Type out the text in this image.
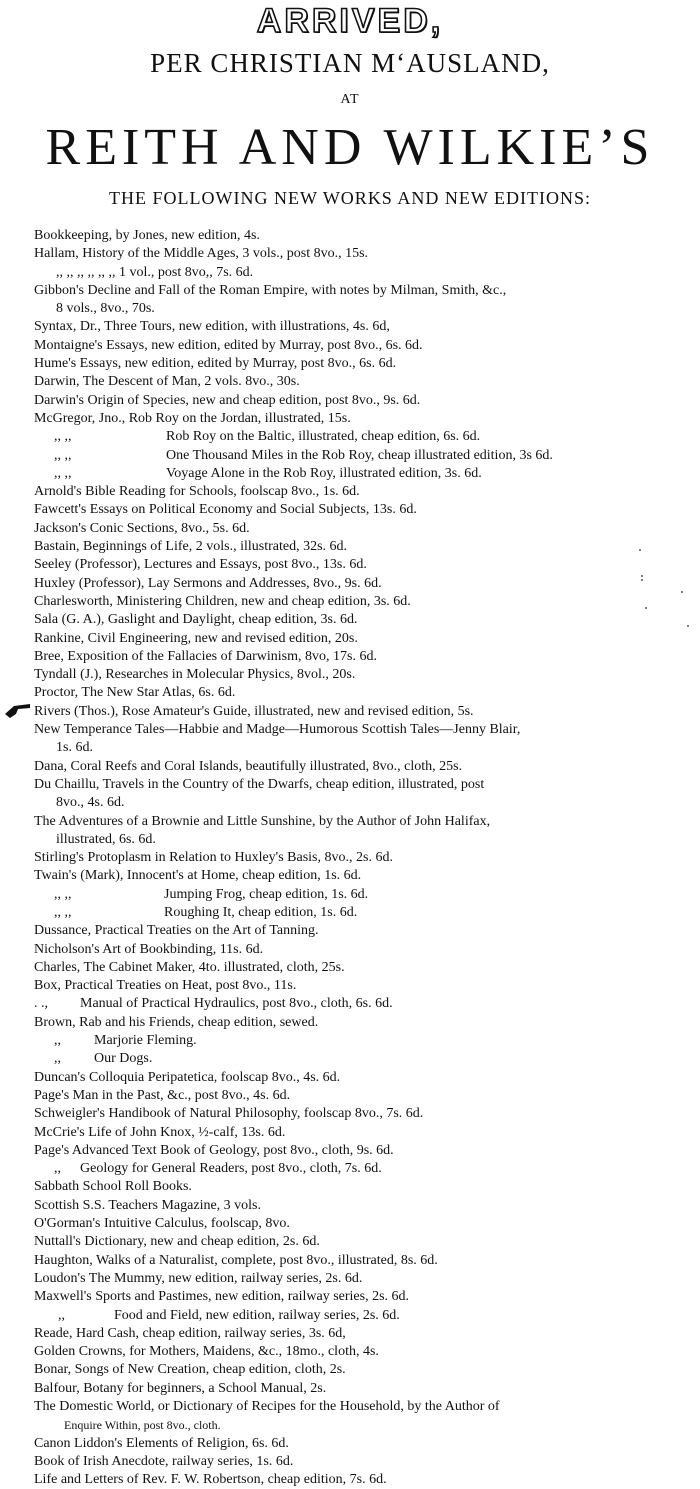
ARRIVED,
PER CHRISTIAN M‘AUSLAND,
AT
REITH AND WILKIE’S
THE FOLLOWING NEW WORKS AND NEW EDITIONS:
Bookkeeping, by Jones, new edition, 4s.
Hallam, History of the Middle Ages, 3 vols., post 8vo., 15s.
,, ,, ,, ,, ,, ,, 1 vol., post 8vo,, 7s. 6d.
Gibbon's Decline and Fall of the Roman Empire, with notes by Milman, Smith, &c.,
8 vols., 8vo., 70s.
Syntax, Dr., Three Tours, new edition, with illustrations, 4s. 6d,
Montaigne's Essays, new edition, edited by Murray, post 8vo., 6s. 6d.
Hume's Essays, new edition, edited by Murray, post 8vo., 6s. 6d.
Darwin, The Descent of Man, 2 vols. 8vo., 30s.
Darwin's Origin of Species, new and cheap edition, post 8vo., 9s. 6d.
McGregor, Jno., Rob Roy on the Jordan, illustrated, 15s.
,, ,,	Rob Roy on the Baltic, illustrated, cheap edition, 6s. 6d.
,, ,,	One Thousand Miles in the Rob Roy, cheap illustrated edition, 3s 6d.
,, ,,	Voyage Alone in the Rob Roy, illustrated edition, 3s. 6d.
Arnold's Bible Reading for Schools, foolscap 8vo., 1s. 6d.
Fawcett's Essays on Political Economy and Social Subjects, 13s. 6d.
Jackson's Conic Sections, 8vo., 5s. 6d.
Bastain, Beginnings of Life, 2 vols., illustrated, 32s. 6d.
Seeley (Professor), Lectures and Essays, post 8vo., 13s. 6d.
Huxley (Professor), Lay Sermons and Addresses, 8vo., 9s. 6d.
Charlesworth, Ministering Children, new and cheap edition, 3s. 6d.
Sala (G. A.), Gaslight and Daylight, cheap edition, 3s. 6d.
Rankine, Civil Engineering, new and revised edition, 20s.
Bree, Exposition of the Fallacies of Darwinism, 8vo, 17s. 6d.
Tyndall (J.), Researches in Molecular Physics, 8vol., 20s.
Proctor, The New Star Atlas, 6s. 6d.
Rivers (Thos.), Rose Amateur's Guide, illustrated, new and revised edition, 5s.
New Temperance Tales—Habbie and Madge—Humorous Scottish Tales—Jenny Blair,
1s. 6d.
Dana, Coral Reefs and Coral Islands, beautifully illustrated, 8vo., cloth, 25s.
Du Chaillu, Travels in the Country of the Dwarfs, cheap edition, illustrated, post
8vo., 4s. 6d.
The Adventures of a Brownie and Little Sunshine, by the Author of John Halifax,
illustrated, 6s. 6d.
Stirling's Protoplasm in Relation to Huxley's Basis, 8vo., 2s. 6d.
Twain's (Mark), Innocent's at Home, cheap edition, 1s. 6d.
,, ,,	Jumping Frog, cheap edition, 1s. 6d.
,, ,,	Roughing It, cheap edition, 1s. 6d.
Dussance, Practical Treaties on the Art of Tanning.
Nicholson's Art of Bookbinding, 11s. 6d.
Charles, The Cabinet Maker, 4to. illustrated, cloth, 25s.
Box, Practical Treaties on Heat, post 8vo., 11s.
. ., Manual of Practical Hydraulics, post 8vo., cloth, 6s. 6d.
Brown, Rab and his Friends, cheap edition, sewed.
,, Marjorie Fleming.
,, Our Dogs.
Duncan's Colloquia Peripatetica, foolscap 8vo., 4s. 6d.
Page's Man in the Past, &c., post 8vo., 4s. 6d.
Schweigler's Handibook of Natural Philosophy, foolscap 8vo., 7s. 6d.
McCrie's Life of John Knox, ½-calf, 13s. 6d.
Page's Advanced Text Book of Geology, post 8vo., cloth, 9s. 6d.
,, Geology for General Readers, post 8vo., cloth, 7s. 6d.
Sabbath School Roll Books.
Scottish S.S. Teachers Magazine, 3 vols.
O'Gorman's Intuitive Calculus, foolscap, 8vo.
Nuttall's Dictionary, new and cheap edition, 2s. 6d.
Haughton, Walks of a Naturalist, complete, post 8vo., illustrated, 8s. 6d.
Loudon's The Mummy, new edition, railway series, 2s. 6d.
Maxwell's Sports and Pastimes, new edition, railway series, 2s. 6d.
,,	Food and Field, new edition, railway series, 2s. 6d.
Reade, Hard Cash, cheap edition, railway series, 3s. 6d,
Golden Crowns, for Mothers, Maidens, &c., 18mo., cloth, 4s.
Bonar, Songs of New Creation, cheap edition, cloth, 2s.
Balfour, Botany for beginners, a School Manual, 2s.
The Domestic World, or Dictionary of Recipes for the Household, by the Author of
Enquire Within, post 8vo., cloth.
Canon Liddon's Elements of Religion, 6s. 6d.
Book of Irish Anecdote, railway series, 1s. 6d.
Life and Letters of Rev. F. W. Robertson, cheap edition, 7s. 6d.
